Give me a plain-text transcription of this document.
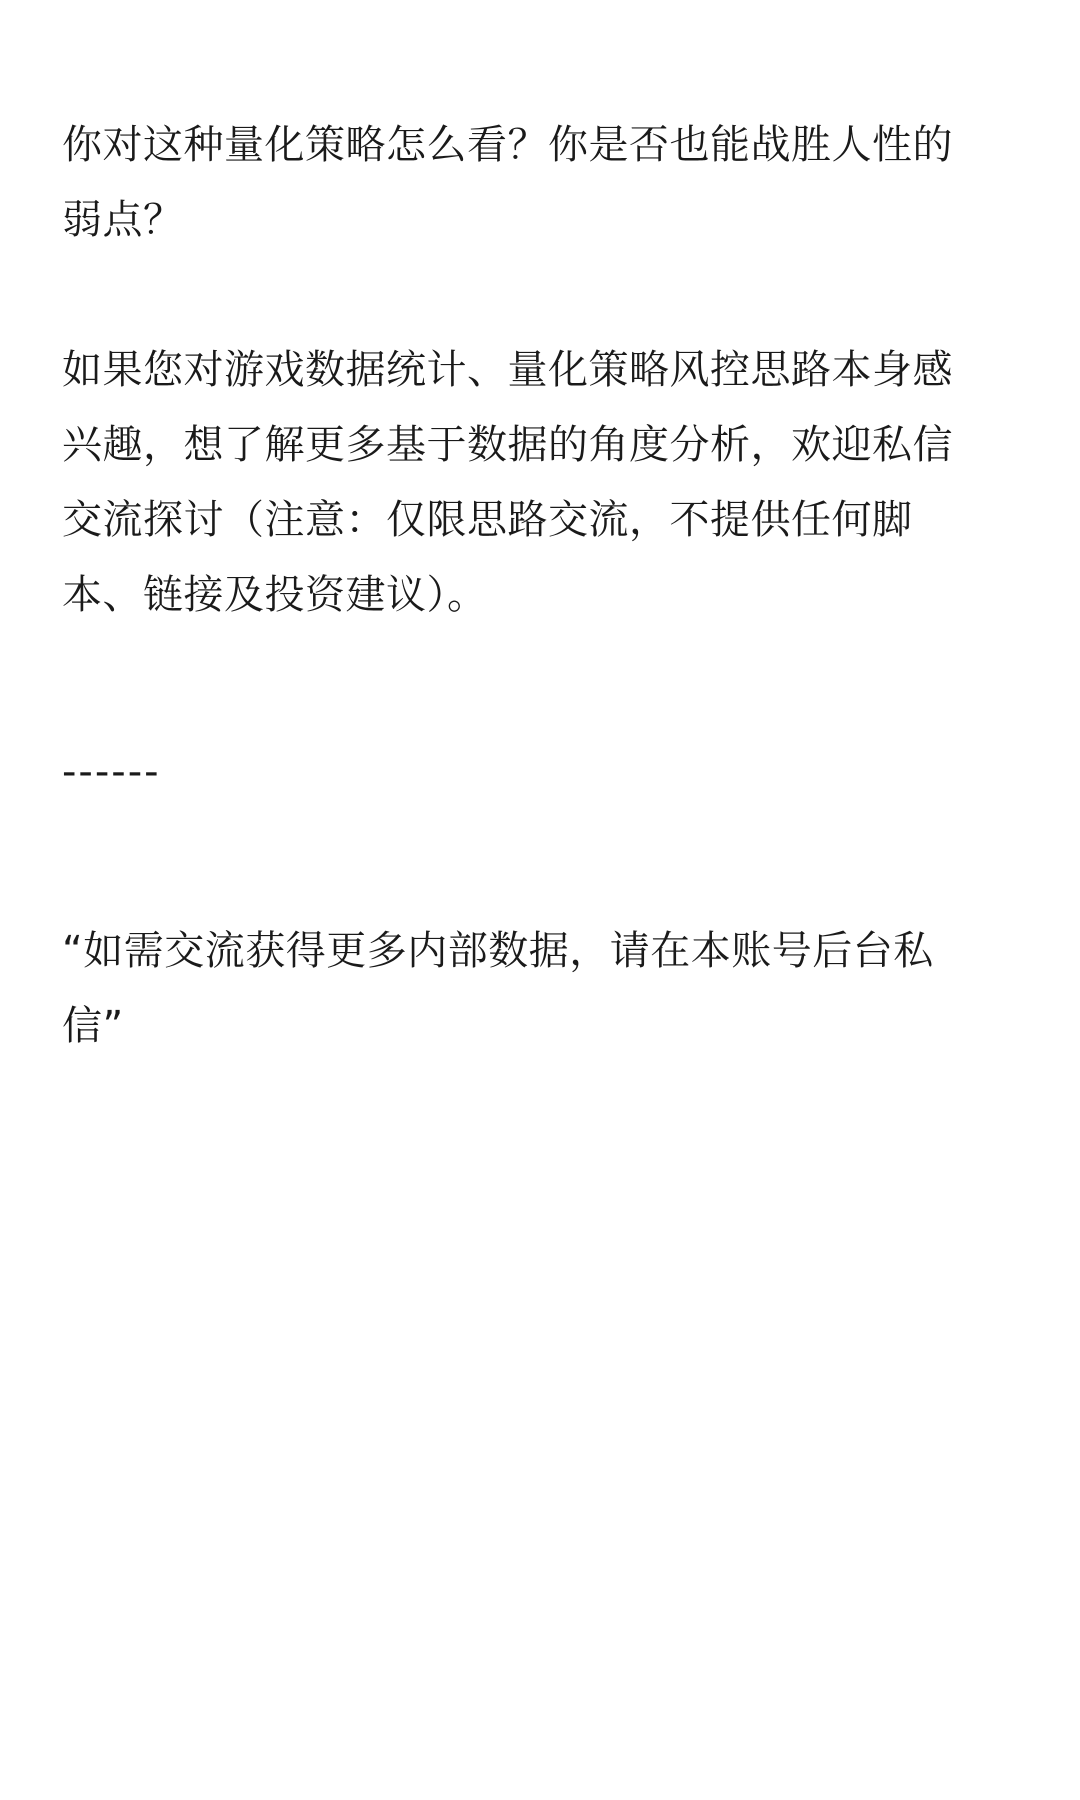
你对这种量化策略怎么看？你是否也能战胜人性的
弱点？

如果您对游戏数据统计、量化策略风控思路本身感
兴趣，想了解更多基于数据的角度分析，欢迎私信
交流探讨（注意：仅限思路交流，不提供任何脚
本、链接及投资建议）。

------

“如需交流获得更多内部数据，请在本账号后台私
信”
